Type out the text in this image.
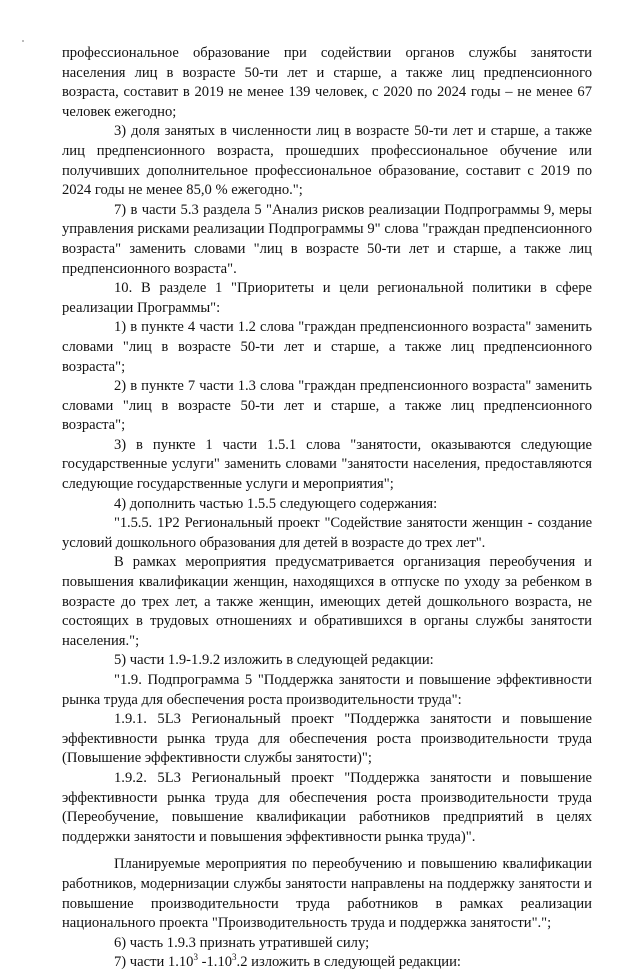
профессиональное образование при содействии органов службы занятости населения лиц в возрасте 50-ти лет и старше, а также лиц предпенсионного возраста, составит в 2019 не менее 139 человек, с 2020 по 2024 годы – не менее 67 человек ежегодно;

3) доля занятых в численности лиц в возрасте 50-ти лет и старше, а также лиц предпенсионного возраста, прошедших профессиональное обучение или получивших дополнительное профессиональное образование, составит с 2019 по 2024 годы не менее 85,0 % ежегодно.";

7) в части 5.3 раздела 5 "Анализ рисков реализации Подпрограммы 9, меры управления рисками реализации Подпрограммы 9" слова "граждан предпенсионного возраста" заменить словами "лиц в возрасте 50-ти лет и старше, а также лиц предпенсионного возраста".

10. В разделе 1 "Приоритеты и цели региональной политики в сфере реализации Программы":

1) в пункте 4 части 1.2 слова "граждан предпенсионного возраста" заменить словами "лиц в возрасте 50-ти лет и старше, а также лиц предпенсионного возраста";

2) в пункте 7 части 1.3 слова "граждан предпенсионного возраста" заменить словами "лиц в возрасте 50-ти лет и старше, а также лиц предпенсионного возраста";

3) в пункте 1 части 1.5.1 слова "занятости, оказываются следующие государственные услуги" заменить словами "занятости населения, предоставляются следующие государственные услуги и мероприятия";

4) дополнить частью 1.5.5 следующего содержания:

"1.5.5. 1P2 Региональный проект "Содействие занятости женщин - создание условий дошкольного образования для детей в возрасте до трех лет".

В рамках мероприятия предусматривается организация переобучения и повышения квалификации женщин, находящихся в отпуске по уходу за ребенком в возрасте до трех лет, а также женщин, имеющих детей дошкольного возраста, не состоящих в трудовых отношениях и обратившихся в органы службы занятости населения.";

5) части 1.9-1.9.2 изложить в следующей редакции:

"1.9. Подпрограмма 5 "Поддержка занятости и повышение эффективности рынка труда для обеспечения роста производительности труда":

1.9.1. 5L3 Региональный проект "Поддержка занятости и повышение эффективности рынка труда для обеспечения роста производительности труда (Повышение эффективности службы занятости)";

1.9.2. 5L3 Региональный проект "Поддержка занятости и повышение эффективности рынка труда для обеспечения роста производительности труда (Переобучение, повышение квалификации работников предприятий в целях поддержки занятости и повышения эффективности рынка труда)".

Планируемые мероприятия по переобучению и повышению квалификации работников, модернизации службы занятости направлены на поддержку занятости и повышение производительности труда работников в рамках реализации национального проекта "Производительность труда и поддержка занятости".";

6) часть 1.9.3 признать утратившей силу;

7) части 1.10$^3$ -1.10$^3$.2 изложить в следующей редакции:
